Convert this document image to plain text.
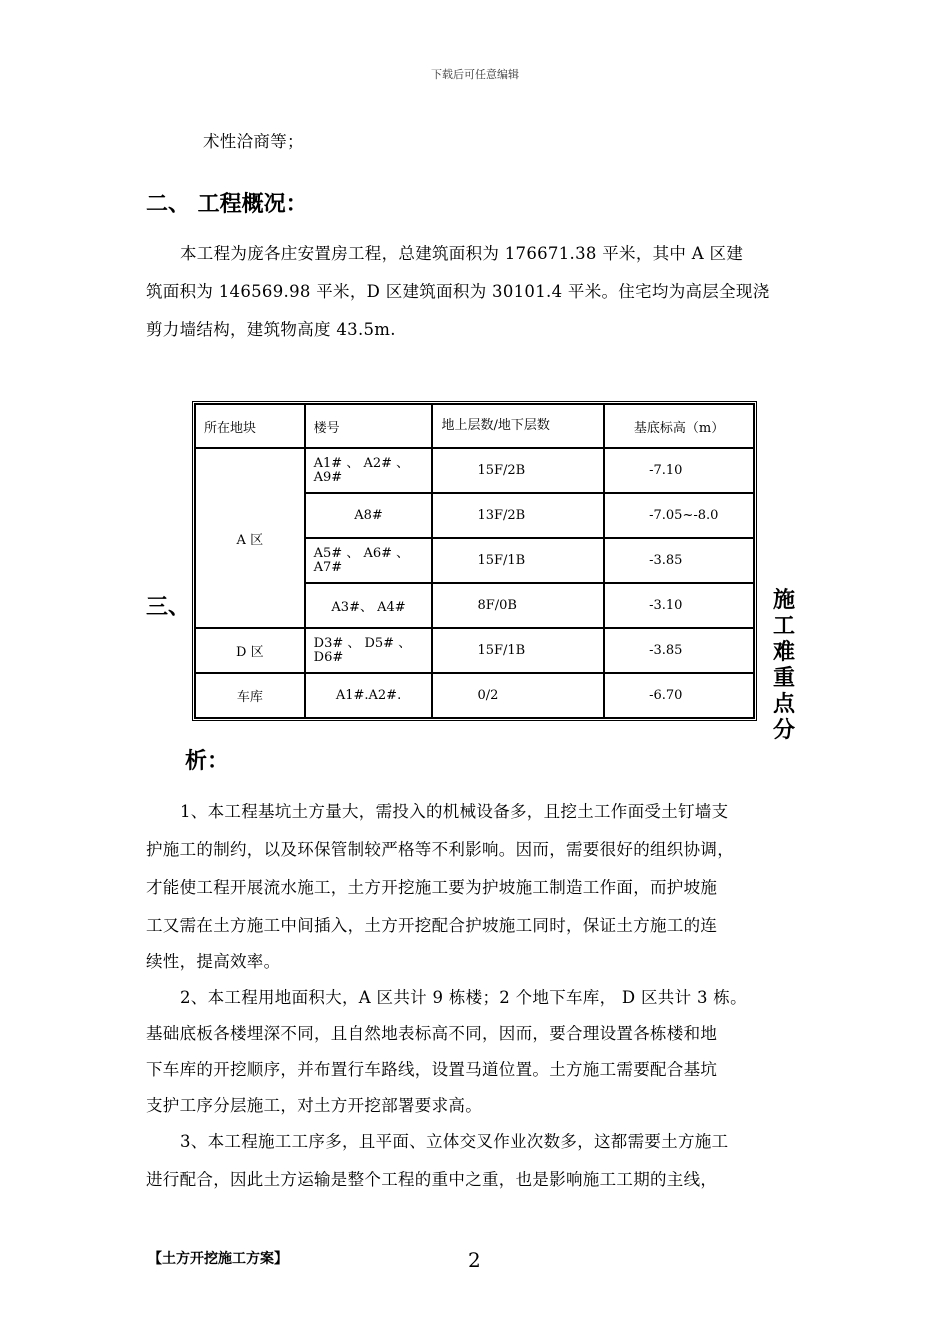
下载后可任意编辑
术性洽商等；
二、 工程概况：
本工程为庞各庄安置房工程，总建筑面积为 176671.38 平米，其中 A 区建
筑面积为 146569.98 平米，D 区建筑面积为 30101.4 平米。住宅均为高层全现浇
剪力墙结构，建筑物高度 43.5m.
所在地块	楼号	地上层数/地下层数	基底标高（m）
A 区	A1# 、 A2# 、 A9#	15F/2B	-7.10
	A8#	13F/2B	-7.05~-8.0
	A5# 、 A6# 、 A7#	15F/1B	-3.85
	A3#、 A4#	8F/0B	-3.10
D 区	D3# 、 D5# 、 D6#	15F/1B	-3.85
车库	A1#.A2#.	0/2	-6.70
三、	施
工
难
重
点
分
析：
1、本工程基坑土方量大，需投入的机械设备多，且挖土工作面受土钉墙支
护施工的制约，以及环保管制较严格等不利影响。因而，需要很好的组织协调，
才能使工程开展流水施工，土方开挖施工要为护坡施工制造工作面，而护坡施
工又需在土方施工中间插入，土方开挖配合护坡施工同时，保证土方施工的连
续性，提高效率。
2、本工程用地面积大，A 区共计 9 栋楼；2 个地下车库， D 区共计 3 栋。
基础底板各楼埋深不同，且自然地表标高不同，因而，要合理设置各栋楼和地
下车库的开挖顺序，并布置行车路线，设置马道位置。土方施工需要配合基坑
支护工序分层施工，对土方开挖部署要求高。
3、本工程施工工序多，且平面、立体交叉作业次数多，这都需要土方施工
进行配合，因此土方运输是整个工程的重中之重，也是影响施工工期的主线，
【土方开挖施工方案】	2
